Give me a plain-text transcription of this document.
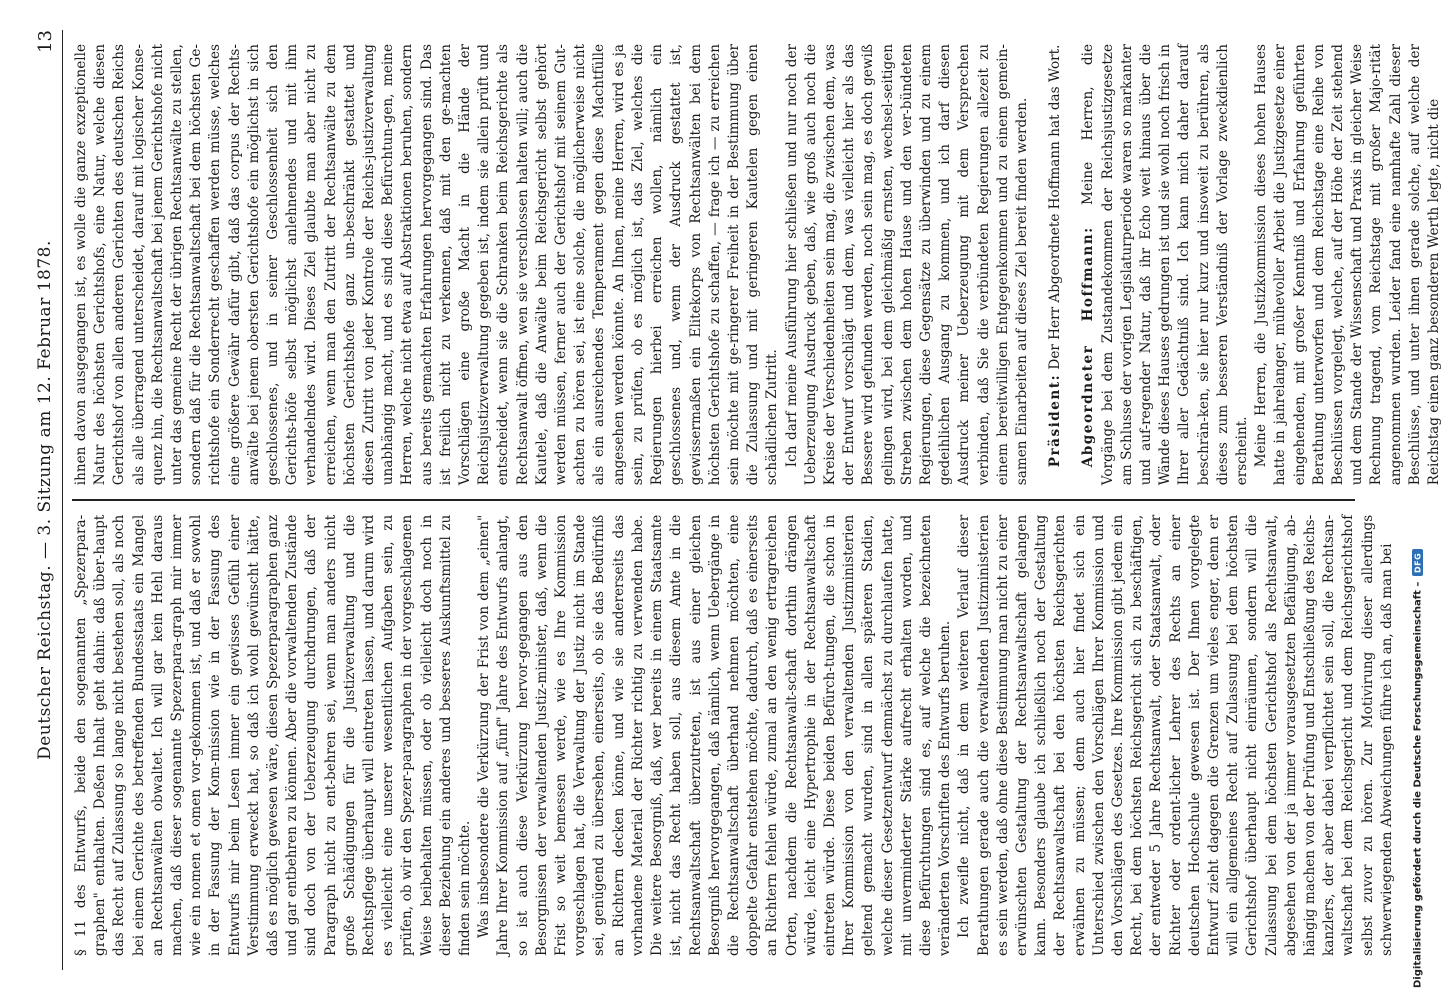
Deutscher Reichstag. — 3. Sitzung am 12. Februar 1878.
13

§ 11 des Entwurfs, beide den sogenannten „Spezerpara-graphen" enthalten. Deßen Inhalt geht dahin: daß über-haupt das Recht auf Zulassung so lange nicht bestehen soll, als noch bei einem Gerichte des betreffenden Bundesstaats ein Mangel an Rechtsanwälten obwaltet. Ich will gar kein Hehl daraus machen, daß dieser sogenannte Spezerpara-graph mir immer wie ein nomen et omen vor-gekommen ist, und daß er sowohl in der Fassung der Kom-mission wie in der Fassung des Entwurfs mir beim Lesen immer ein gewisses Gefühl einer Verstimmung erweckt hat, so daß ich wohl gewünscht hätte, daß es möglich gewesen wäre, diesen Spezerparagraphen ganz und gar entbehren zu können. Aber die vorwaltenden Zustände sind doch von der Ueberzeugung durchdrungen, daß der Paragraph nicht zu ent-behren sei, wenn man anders nicht große Schädigungen für die Justizverwaltung und die Rechtspflege überhaupt will eintreten lassen, und darum wird es vielleicht eine unserer wesentlichen Aufgaben sein, zu prüfen, ob wir den Spezer-paragraphen in der vorgeschlagenen Weise beibehalten müssen, oder ob vielleicht doch noch in dieser Beziehung ein anderes und besseres Auskunftsmittel zu finden sein möchte. Was insbesondere die Verkürzung der Frist von dem „einen" Jahre Ihrer Kommission auf „fünf" Jahre des Entwurfs anlangt, so ist auch diese Verkürzung hervor-gegangen aus den Besorgnissen der verwaltenden Justiz-minister, daß, wenn die Frist so weit bemessen werde, wie es Ihre Kommission vorgeschlagen hat, die Verwaltung der Justiz nicht im Stande sei, genügend zu übersehen, einerseits, ob sie das Bedürfniß an Richtern decken könne, und wie sie andererseits das vorhandene Material der Richter richtig zu verwenden habe. Die weitere Besorgniß, daß, wer bereits in einem Staatsamte ist, nicht das Recht haben soll, aus diesem Amte in die Rechtsanwaltschaft überzutreten, ist aus einer gleichen Besorgniß hervorgegangen, daß nämlich, wenn Uebergänge in die Rechtsanwaltschaft überhand nehmen möchten, eine doppelte Gefahr entstehen möchte, dadurch, daß es einerseits an Richtern fehlen würde, zumal an den wenig ertragreichen Orten, nachdem die Rechtsanwalt-schaft dorthin drängen würde, leicht eine Hypertrophie in der Rechtsanwaltschaft eintreten würde. Diese beiden Befürch-tungen, die schon in Ihrer Kommission von den verwaltenden Justizministerien geltend gemacht wurden, sind in allen späteren Stadien, welche dieser Gesetzentwurf demnächst zu durchlaufen hatte, mit unverminderter Stärke aufrecht erhalten worden, und diese Befürchtungen sind es, auf welche die bezeichneten veränderten Vorschriften des Entwurfs beruhen. Ich zweifle nicht, daß in dem weiteren Verlauf dieser Berathungen gerade auch die verwaltenden Justizministerien es sein werden, daß ohne diese Bestimmung man nicht zu einer erwünschten Gestaltung der Rechtsanwaltschaft gelangen kann. Besonders glaube ich schließlich noch der Gestaltung der Rechtsanwaltschaft bei den höchsten Reichsgerichten erwähnen zu müssen; denn auch hier findet sich ein Unterschied zwischen den Vorschlägen Ihrer Kommission und den Vorschlägen des Gesetzes. Ihre Kommission gibt jedem ein Recht, bei dem höchsten Reichsgericht sich zu beschäftigen, der entweder 5 Jahre Rechtsanwalt, oder Staatsanwalt, oder Richter oder ordent-licher Lehrer des Rechts an einer deutschen Hochschule gewesen ist. Der Ihnen vorgelegte Entwurf zieht dagegen die Grenzen um vieles enger, denn er will ein allgemeines Recht auf Zulassung bei dem höchsten Gerichtshof überhaupt nicht einräumen, sondern will die Zulassung bei dem höchsten Gerichtshof als Rechtsanwalt, abgesehen von der ja immer vorausgesetzten Befähigung, ab-hängig machen von der Prüfung und Entschließung des Reichs-kanzlers, der aber dabei verpflichtet sein soll, die Rechtsan-waltschaft bei dem Reichsgericht und dem Reichsgerichtshof selbst zuvor zu hören. Zur Motivirung dieser allerdings schwerwiegenden Abweichungen führe ich an, daß man bei

ihnen davon ausgegangen ist, es wolle die ganze exzeptionelle Natur des höchsten Gerichtshofs, eine Natur, welche diesen Gerichtshof von allen anderen Gerichten des deutschen Reichs als alle überragend unterscheidet, darauf mit logischer Konse-quenz hin, die Rechtsanwaltschaft bei jenem Gerichtshofe nicht unter das gemeine Recht der übrigen Rechtsanwälte zu stellen, sondern daß für die Rechtsanwaltschaft bei dem höchsten Ge-richtshofe ein Sonderrecht geschaffen werden müsse, welches eine größere Gewähr dafür gibt, daß das corpus der Rechts-anwälte bei jenem obersten Gerichtshofe ein möglichst in sich geschlossenes, und in seiner Geschlossenheit sich den Gerichts-höfe selbst möglichst anlehnendes und mit ihm verhandelndes wird. Dieses Ziel glaubte man aber nicht zu erreichen, wenn man den Zutritt der Rechtsanwälte zu dem höchsten Gerichtshofe ganz un-beschränkt gestattet und diesen Zutritt von jeder Kontrole der Reichs-justizverwaltung unabhängig macht, und es sind diese Befürchtun-gen, meine Herren, welche nicht etwa auf Abstraktionen beruhen, sondern aus bereits gemachten Erfahrungen hervorgegangen sind. Das ist freilich nicht zu verkennen, daß mit den ge-machten Vorschlägen eine große Macht in die Hände der Reichsjustizverwaltung gegeben ist, indem sie allein prüft und entscheidet, wenn sie die Schranken beim Reichsgerichte als Rechtsanwalt öffnen, wen sie verschlossen halten will; auch die Kautele, daß die Anwälte beim Reichsgericht selbst gehört werden müssen, ferner auch der Gerichtshof mit seinem Gut-achten zu hören sei, ist eine solche, die möglicherweise nicht als ein ausreichendes Temperament gegen diese Machtfülle angesehen werden könnte. An Ihnen, meine Herren, wird es ja sein, zu prüfen, ob es möglich ist, das Ziel, welches die Regierungen hierbei erreichen wollen, nämlich ein geschlossenes und, wenn der Ausdruck gestattet ist, gewissermaßen ein Elitekorps von Rechtsanwälten bei dem höchsten Gerichtshofe zu schaffen, — frage ich — zu erreichen sein möchte mit ge-ringerer Freiheit in der Bestimmung über die Zulassung und mit geringeren Kautelen gegen einen schädlichen Zutritt. Ich darf meine Ausführung hier schließen und nur noch der Ueberzeugung Ausdruck geben, daß, wie groß auch noch die Kreise der Verschiedenheiten sein mag, die zwischen dem, was der Entwurf vorschlägt und dem, was vielleicht hier als das Bessere wird gefunden werden, noch sein mag, es doch gewiß gelingen wird, bei dem gleichmäßig ernsten, wechsel-seitigen Streben zwischen dem hohen Hause und den ver-bündeten Regierungen, diese Gegensätze zu überwinden und zu einem gedeihlichen Ausgang zu kommen, und ich darf diesen Ausdruck meiner Ueberzeugung mit dem Versprechen verbinden, daß Sie die verbündeten Regierungen allezeit zu einem bereitwilligen Entgegenkommen und zu einem gemein-samen Einarbeiten auf dieses Ziel bereit finden werden. Präsident: Der Herr Abgeordnete Hoffmann hat das Wort. Abgeordneter Hoffmann: Meine Herren, die Vorgänge bei dem Zustandekommen der Reichsjustizgesetze am Schlusse der vorigen Legislaturperiode waren so markanter und auf-regender Natur, daß ihr Echo weit hinaus über die Wände dieses Hauses gedrungen ist und sie wohl noch frisch in Ihrer aller Gedächtniß sind. Ich kann mich daher darauf beschrän-ken, sie hier nur kurz und insoweit zu berühren, als dieses zum besseren Verständniß der Vorlage zweckdienlich erscheint. Meine Herren, die Justizkommission dieses hohen Hauses hatte in jahrelanger, mühevoller Arbeit die Justizgesetze einer eingehenden, mit großer Kenntniß und Erfahrung geführten Berathung unterworfen und dem Reichstage eine Reihe von Beschlüssen vorgelegt, welche, auf der Höhe der Zeit stehend und dem Stande der Wissenschaft und Praxis in gleicher Weise Rechnung tragend, vom Reichstage mit großer Majo-rität angenommen wurden. Leider fand eine namhafte Zahl dieser Beschlüsse, und unter ihnen gerade solche, auf welche der Reichstag einen ganz besonderen Werth legte, nicht die

Digitalisierung gefördert durch die Deutsche Forschungsgemeinschaft –
DFG
